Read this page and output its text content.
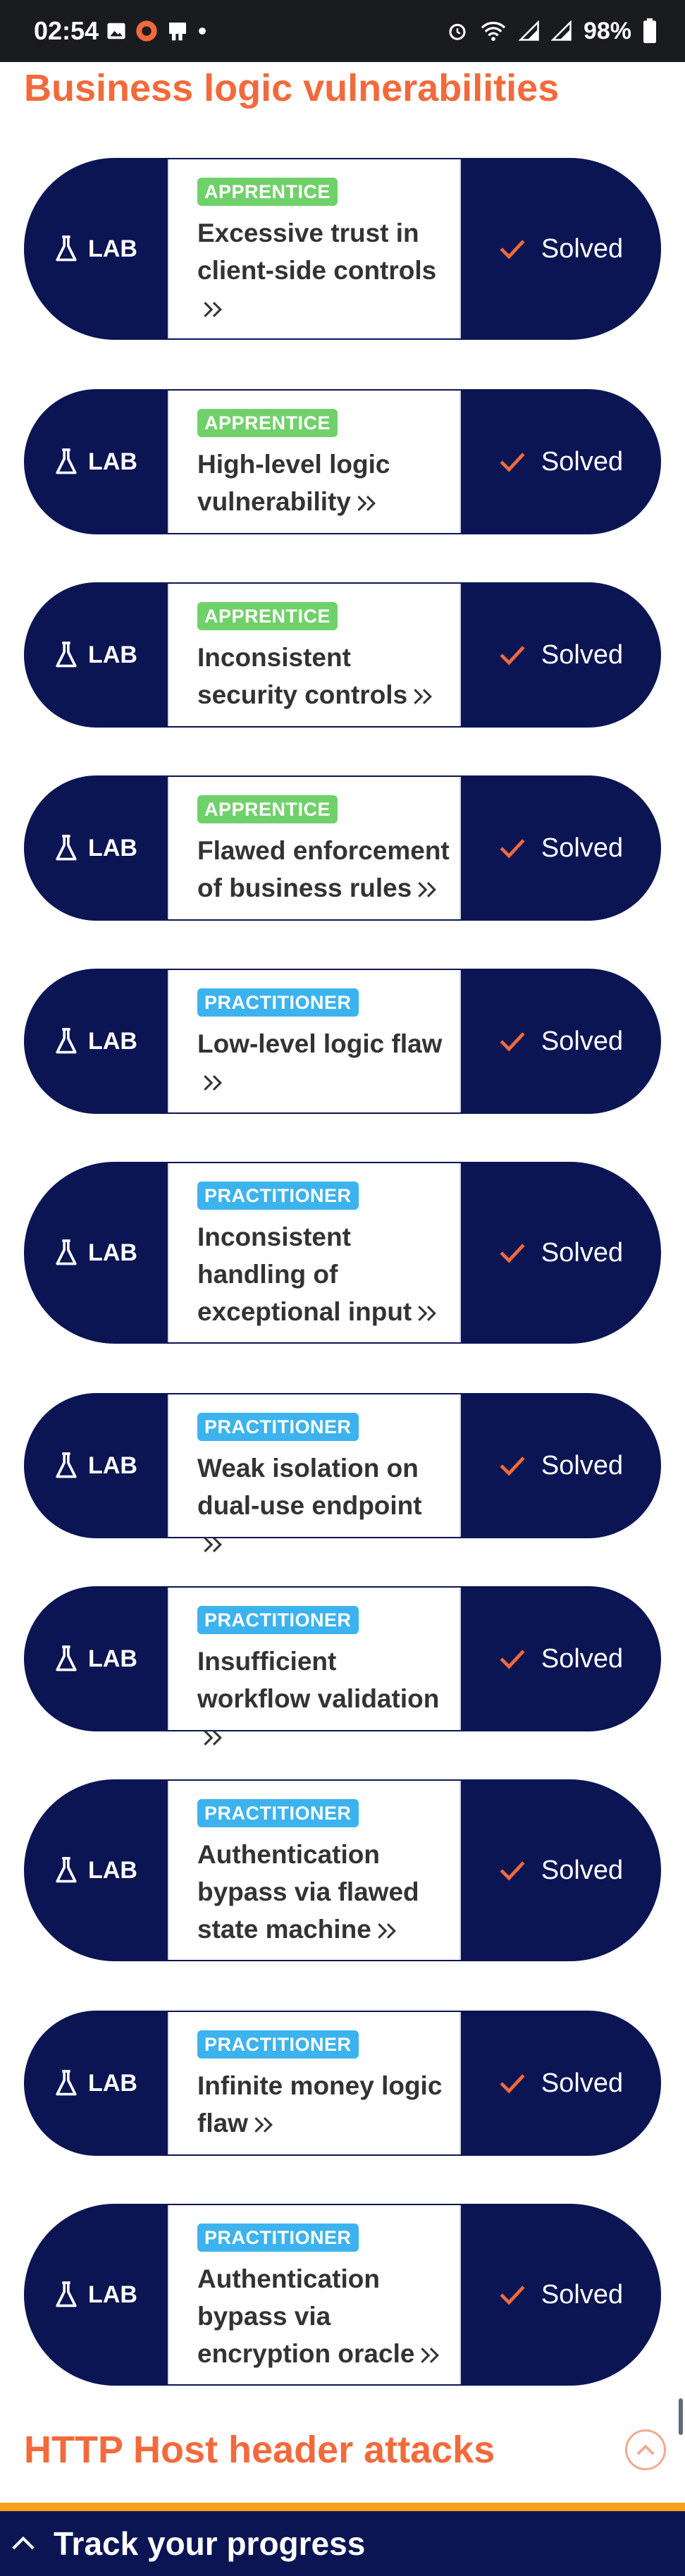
02:54	98%
Business logic vulnerabilities
LAB
APPRENTICE
Excessive trust in client-side controls
Solved
LAB
APPRENTICE
High-level logic vulnerability
Solved
LAB
APPRENTICE
Inconsistent security controls
Solved
LAB
APPRENTICE
Flawed enforcement of business rules
Solved
LAB
PRACTITIONER
Low-level logic flaw	Solved
LAB
PRACTITIONER
Inconsistent handling of exceptional input
Solved
LAB
PRACTITIONER
Weak isolation on dual-use endpoint
Solved
LAB
PRACTITIONER
Insufficient workflow validation
Solved
LAB
PRACTITIONER
Authentication bypass via flawed state machine
Solved
LAB
PRACTITIONER
Infinite money logic flaw
Solved
LAB
PRACTITIONER
Authentication bypass via encryption oracle
Solved
HTTP Host header attacks
Track your progress
